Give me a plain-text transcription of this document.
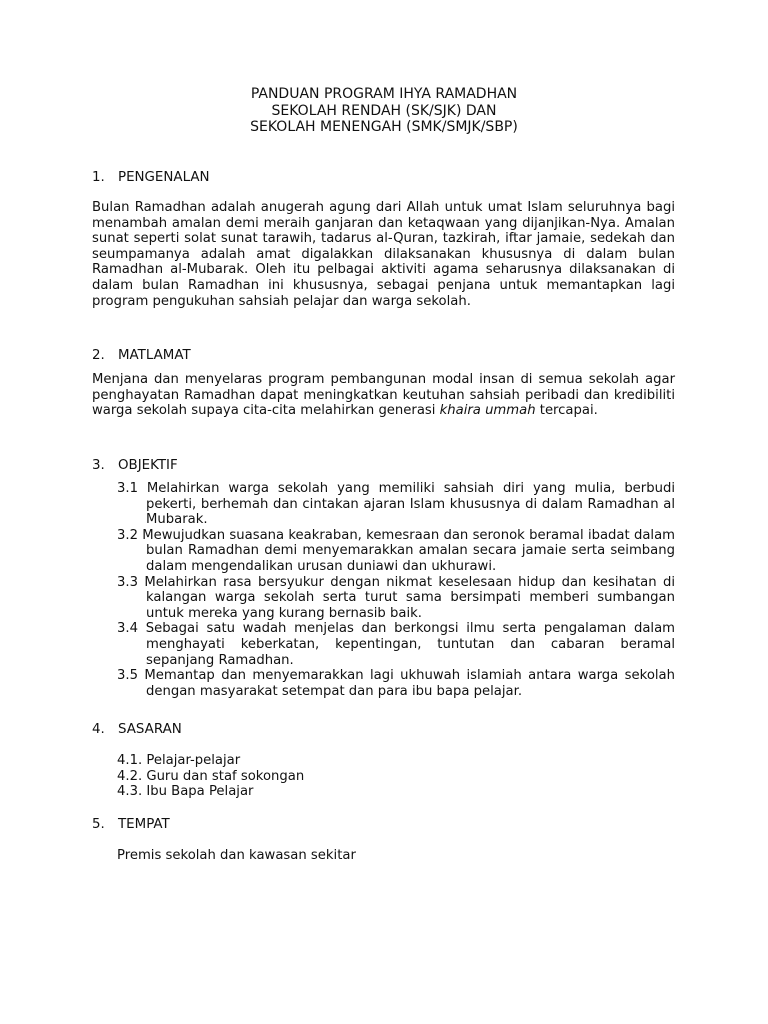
PANDUAN PROGRAM IHYA RAMADHAN
SEKOLAH RENDAH (SK/SJK) DAN
SEKOLAH MENENGAH (SMK/SMJK/SBP)
1. PENGENALAN

Bulan Ramadhan adalah anugerah agung dari Allah untuk umat Islam seluruhnya bagi menambah amalan demi meraih ganjaran dan ketaqwaan yang dijanjikan-Nya. Amalan sunat seperti solat sunat tarawih, tadarus al-Quran, tazkirah, iftar jamaie, sedekah dan seumpamanya adalah amat digalakkan dilaksanakan khususnya di dalam bulan Ramadhan al-Mubarak. Oleh itu pelbagai aktiviti agama seharusnya dilaksanakan di dalam bulan Ramadhan ini khususnya, sebagai penjana untuk memantapkan lagi program pengukuhan sahsiah pelajar dan warga sekolah.

2. MATLAMAT

Menjana dan menyelaras program pembangunan modal insan di semua sekolah agar penghayatan Ramadhan dapat meningkatkan keutuhan sahsiah peribadi dan kredibiliti warga sekolah supaya cita-cita melahirkan generasi khaira ummah tercapai.

3. OBJEKTIF
3.1 Melahirkan warga sekolah yang memiliki sahsiah diri yang mulia, berbudi pekerti, berhemah dan cintakan ajaran Islam khususnya di dalam Ramadhan al Mubarak.
3.2 Mewujudkan suasana keakraban, kemesraan dan seronok beramal ibadat dalam bulan Ramadhan demi menyemarakkan amalan secara jamaie serta seimbang dalam mengendalikan urusan duniawi dan ukhurawi.
3.3 Melahirkan rasa bersyukur dengan nikmat keselesaan hidup dan kesihatan di kalangan warga sekolah serta turut sama bersimpati memberi sumbangan untuk mereka yang kurang bernasib baik.
3.4 Sebagai satu wadah menjelas dan berkongsi ilmu serta pengalaman dalam menghayati keberkatan, kepentingan, tuntutan dan cabaran beramal sepanjang Ramadhan.
3.5 Memantap dan menyemarakkan lagi ukhuwah islamiah antara warga sekolah dengan masyarakat setempat dan para ibu bapa pelajar.
4. SASARAN
4.1. Pelajar-pelajar
4.2. Guru dan staf sokongan
4.3. Ibu Bapa Pelajar
5. TEMPAT
Premis sekolah dan kawasan sekitar
